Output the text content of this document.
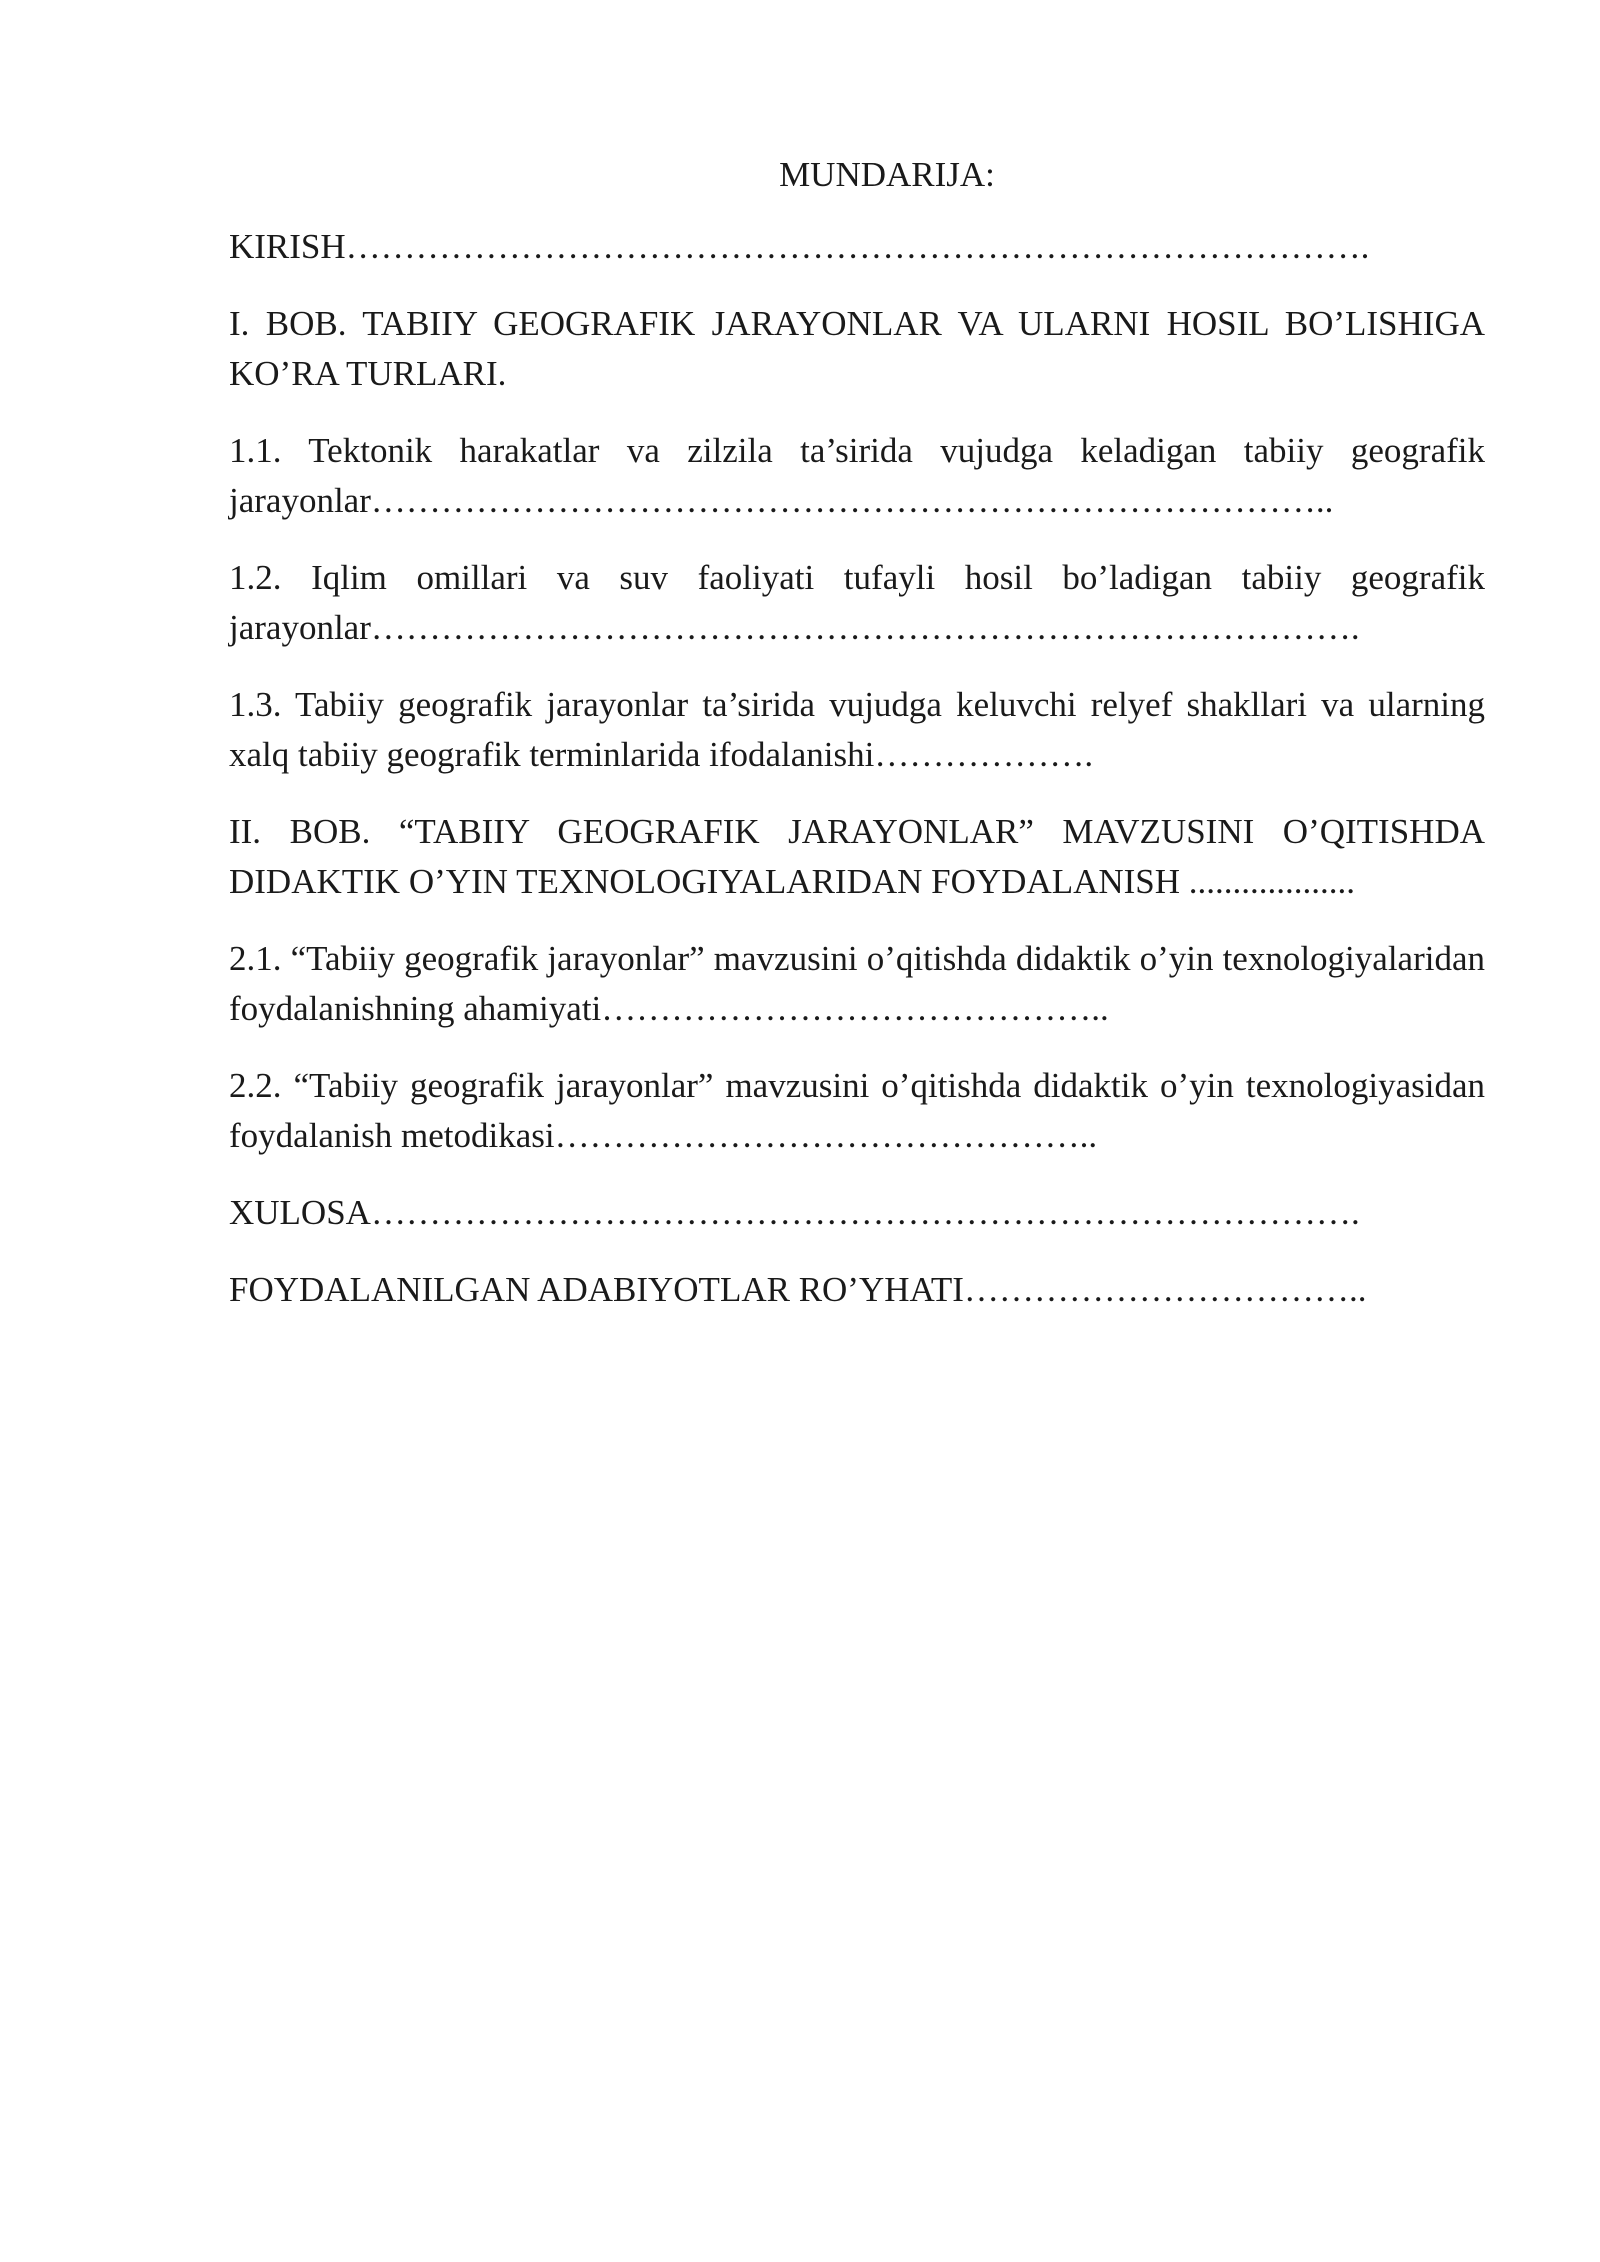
MUNDARIJA:
KIRISH…………………………………………………………………………….
I. BOB. TABIIY GEOGRAFIK JARAYONLAR VA ULARNI HOSIL BO’LISHIGA KO’RA TURLARI.
1.1. Tektonik harakatlar va zilzila ta’sirida vujudga keladigan tabiiy geografik jarayonlar………………………………………………………………………..
1.2. Iqlim omillari va suv faoliyati tufayli hosil bo’ladigan tabiiy geografik jarayonlar………………………………………………………………………….
1.3. Tabiiy geografik jarayonlar ta’sirida vujudga keluvchi relyef shakllari va ularning xalq tabiiy geografik terminlarida ifodalanishi……………….
II. BOB. “TABIIY GEOGRAFIK JARAYONLAR” MAVZUSINI O’QITISHDA DIDAKTIK O’YIN TEXNOLOGIYALARIDAN FOYDALANISH ...................
2.1. “Tabiiy geografik jarayonlar” mavzusini o’qitishda didaktik o’yin texnologiyalaridan foydalanishning ahamiyati……………………………………..
2.2. “Tabiiy geografik jarayonlar” mavzusini o’qitishda didaktik o’yin texnologiyasidan foydalanish metodikasi………………………………………..
XULOSA………………………………………………………………………….
FOYDALANILGAN ADABIYOTLAR RO’YHATI……………………………..
